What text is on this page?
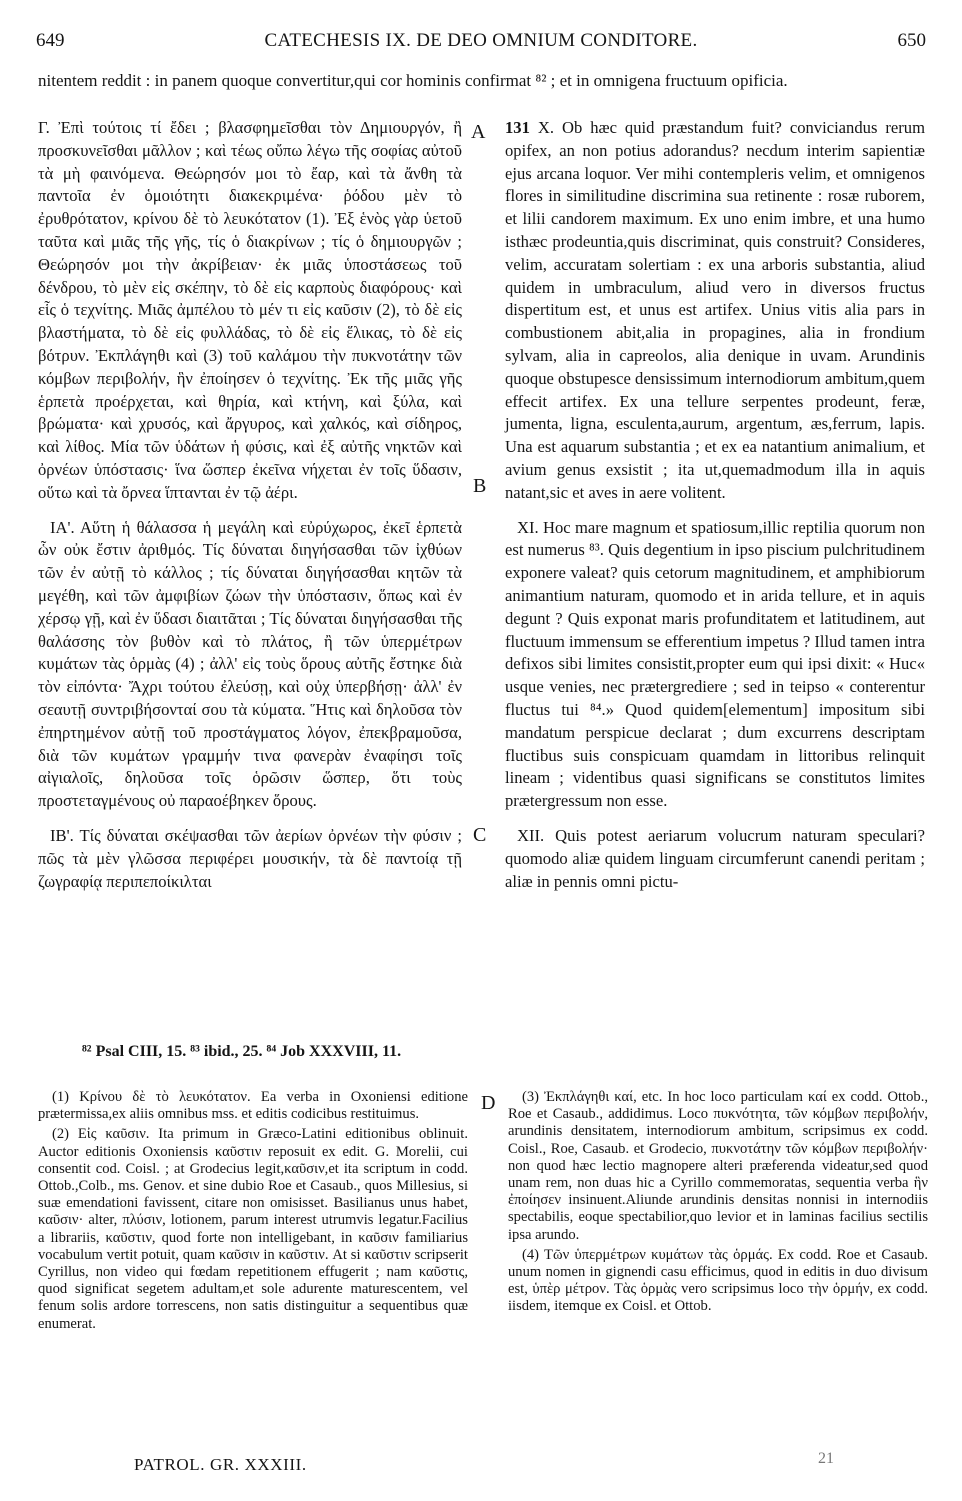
649	CATECHESIS IX. DE DEO OMNIUM CONDITORE.	650
nitentem reddit : in panem quoque convertitur,qui cor hominis confirmat ⁸² ; et in omnigena fructuum opificia.

Γ. Ἐπὶ τούτοις τί ἔδει ; βλασφημεῖσθαι τὸν Δημιουργόν, ἢ προσκυνεῖσθαι μᾶλλον ; καὶ τέως οὔπω λέγω τῆς σοφίας αὐτοῦ τὰ μὴ φαινόμενα. Θεώρησόν μοι τὸ ἔαρ, καὶ τὰ ἄνθη τὰ παντοῖα ἐν ὁμοιότητι διακεκριμένα· ῥόδου μὲν τὸ ἐρυθρότατον, κρίνου δὲ τὸ λευκότατον (1). Ἐξ ἑνὸς γὰρ ὑετοῦ ταῦτα καὶ μιᾶς τῆς γῆς, τίς ὁ διακρίνων ; τίς ὁ δημιουργῶν ; Θεώρησόν μοι τὴν ἀκρίβειαν· ἐκ μιᾶς ὑποστάσεως τοῦ δένδρου, τὸ μὲν εἰς σκέπην, τὸ δὲ εἰς καρποὺς διαφόρους· καὶ εἷς ὁ τεχνίτης. Μιᾶς ἀμπέλου τὸ μέν τι εἰς καῦσιν (2), τὸ δὲ εἰς βλαστήματα, τὸ δὲ εἰς φυλλάδας, τὸ δὲ εἰς ἕλικας, τὸ δὲ εἰς βότρυν. Ἐκπλάγηθι καὶ (3) τοῦ καλάμου τὴν πυκνοτάτην τῶν κόμβων περιβολήν, ἣν ἐποίησεν ὁ τεχνίτης. Ἐκ τῆς μιᾶς γῆς ἑρπετὰ προέρχεται, καὶ θηρία, καὶ κτήνη, καὶ ξύλα, καὶ βρώματα· καὶ χρυσός, καὶ ἄργυρος, καὶ χαλκός, καὶ σίδηρος, καὶ λίθος. Μία τῶν ὑδάτων ἡ φύσις, καὶ ἐξ αὐτῆς νηκτῶν καὶ ὀρνέων ὑπόστασις· ἵνα ὥσπερ ἐκεῖνα νήχεται ἐν τοῖς ὕδασιν, οὕτω καὶ τὰ ὄρνεα ἵπτανται ἐν τῷ ἀέρι.

ΙΑ'. Αὕτη ἡ θάλασσα ἡ μεγάλη καὶ εὐρύχωρος, ἐκεῖ ἑρπετὰ ὧν οὐκ ἔστιν ἀριθμός. Τίς δύναται διηγήσασθαι τῶν ἰχθύων τῶν ἐν αὐτῇ τὸ κάλλος ; τίς δύναται διηγήσασθαι κητῶν τὰ μεγέθη, καὶ τῶν ἀμφιβίων ζώων τὴν ὑπόστασιν, ὅπως καὶ ἐν χέρσῳ γῇ, καὶ ἐν ὕδασι διαιτᾶται ; Τίς δύναται διηγήσασθαι τῆς θαλάσσης τὸν βυθὸν καὶ τὸ πλάτος, ἢ τῶν ὑπερμέτρων κυμάτων τὰς ὁρμὰς (4) ; ἀλλ' εἰς τοὺς ὅρους αὐτῆς ἔστηκε διὰ τὸν εἰπόντα· Ἄχρι τούτου ἐλεύσῃ, καὶ οὐχ ὑπερβήσῃ· ἀλλ' ἐν σεαυτῇ συντριβήσονταί σου τὰ κύματα. Ἥτις καὶ δηλοῦσα τὸν ἐπηρτημένον αὐτῇ τοῦ προστάγματος λόγον, ἐπεκβραμοῦσα, διὰ τῶν κυμάτων γραμμήν τινα φανερὰν ἐναφίησι τοῖς αἰγιαλοῖς, δηλοῦσα τοῖς ὁρῶσιν ὥσπερ, ὅτι τοὺς προστεταγμένους οὐ παραοέβηκεν ὅρους.

ΙΒ'. Τίς δύναται σκέψασθαι τῶν ἀερίων ὀρνέων τὴν φύσιν ; πῶς τὰ μὲν γλῶσσα περιφέρει μουσικήν, τὰ δὲ παντοίᾳ τῇ ζωγραφίᾳ περιπεποίκιλται

131 X. Ob hæc quid præstandum fuit? conviciandus rerum opifex, an non potius adorandus? necdum interim sapientiæ ejus arcana loquor. Ver mihi contempleris velim, et omnigenos flores in similitudine discrimina sua retinente : rosæ ruborem, et lilii candorem maximum. Ex uno enim imbre, et una humo isthæc prodeuntia,quis discriminat, quis construit? Consideres, velim, accuratam solertiam : ex una arboris substantia, aliud quidem in umbraculum, aliud vero in diversos fructus dispertitum est, et unus est artifex. Unius vitis alia pars in combustionem abit,alia in propagines, alia in frondium sylvam, alia in capreolos, alia denique in uvam. Arundinis quoque obstupesce densissimum internodiorum ambitum,quem effecit artifex. Ex una tellure serpentes prodeunt, feræ, jumenta, ligna, esculenta,aurum, argentum, æs,ferrum, lapis. Una est aquarum substantia ; et ex ea natantium animalium, et avium genus exsistit ; ita ut,quemadmodum illa in aquis natant,sic et aves in aere volitent.

XI. Hoc mare magnum et spatiosum,illic reptilia quorum non est numerus ⁸³. Quis degentium in ipso piscium pulchritudinem exponere valeat? quis cetorum magnitudinem, et amphibiorum animantium naturam, quomodo et in arida tellure, et in aquis degunt ? Quis exponat maris profunditatem et latitudinem, aut fluctuum immensum se efferentium impetus ? Illud tamen intra defixos sibi limites consistit,propter eum qui ipsi dixit: « Huc« usque venies, nec prætergrediere ; sed in teipso « conterentur fluctus tui ⁸⁴.» Quod quidem[elementum] impositum sibi mandatum perspicue declarat ; dum excurrens descriptam fluctibus suis conspicuam quamdam in littoribus relinquit lineam ; videntibus quasi significans se constitutos limites prætergressum non esse.

XII. Quis potest aeriarum volucrum naturam speculari? quomodo aliæ quidem linguam circumferunt canendi peritam ; aliæ in pennis omni pictu-

A
B
C
D
⁸² Psal CIII, 15. ⁸³ ibid., 25. ⁸⁴ Job XXXVIII, 11.

(1) Κρίνου δὲ τὸ λευκότατον. Ea verba in Oxoniensi editione prætermissa,ex aliis omnibus mss. et editis codicibus restituimus.

(2) Εἰς καῦσιν. Ita primum in Græco-Latini editionibus oblinuit. Auctor editionis Oxoniensis καῦστιν reposuit ex edit. G. Morelii, cui consentit cod. Coisl. ; at Grodecius legit,καῦσιν,et ita scriptum in codd. Ottob.,Colb., ms. Genov. et sine dubio Roe et Casaub., quos Millesius, si suæ emendationi favissent, citare non omisisset. Basilianus unus habet, καῦσιν· alter, πλύσιν, lotionem, parum interest utrumvis legatur.Facilius a librariis, καῦστιν, quod forte non intelligebant, in καῦσιν familiarius vocabulum vertit potuit, quam καῦσιν in καῦστιν. At si καῦστιν scripserit Cyrillus, non video qui fœdam repetitionem effugerit ; nam καῦστις, quod significat segetem adultam,et solе adurente maturescentem, vel fenum solis ardore torrescens, non satis distinguitur a sequentibus quæ enumerat.

(3) Ἐκπλάγηθι καί, etc. In hoc loco particulam καί ex codd. Ottob., Roe et Casaub., addidimus. Loco πυκνότητα, τῶν κόμβων περιβολήν, arundinis densitatem, internodiorum ambitum, scripsimus ex codd. Coisl., Roe, Casaub. et Grodecio, πυκνοτάτην τῶν κόμβων περιβολήν· non quod hæc lectio magnopere alteri præferenda videatur,sed quod unam rem, non duas hic a Cyrillo commemoratas, sequentia verba ἣν ἐποίησεν insinuent.Aliunde arundinis densitas nonnisi in internodiis spectabilis, eoque spectabilior,quo levior et in laminas facilius sectilis ipsa arundo.

(4) Τῶν ὑπερμέτρων κυμάτων τὰς ὁρμάς. Ex codd. Roe et Casaub. unum nomen in gignendi casu efficimus, quod in editis in duo divisum est, ὑπὲρ μέτρον. Τὰς ὁρμὰς vero scripsimus loco τὴν ὁρμήν, ex codd. iisdem, itemque ex Coisl. et Ottob.

PATROL. GR. XXXIII.	21
